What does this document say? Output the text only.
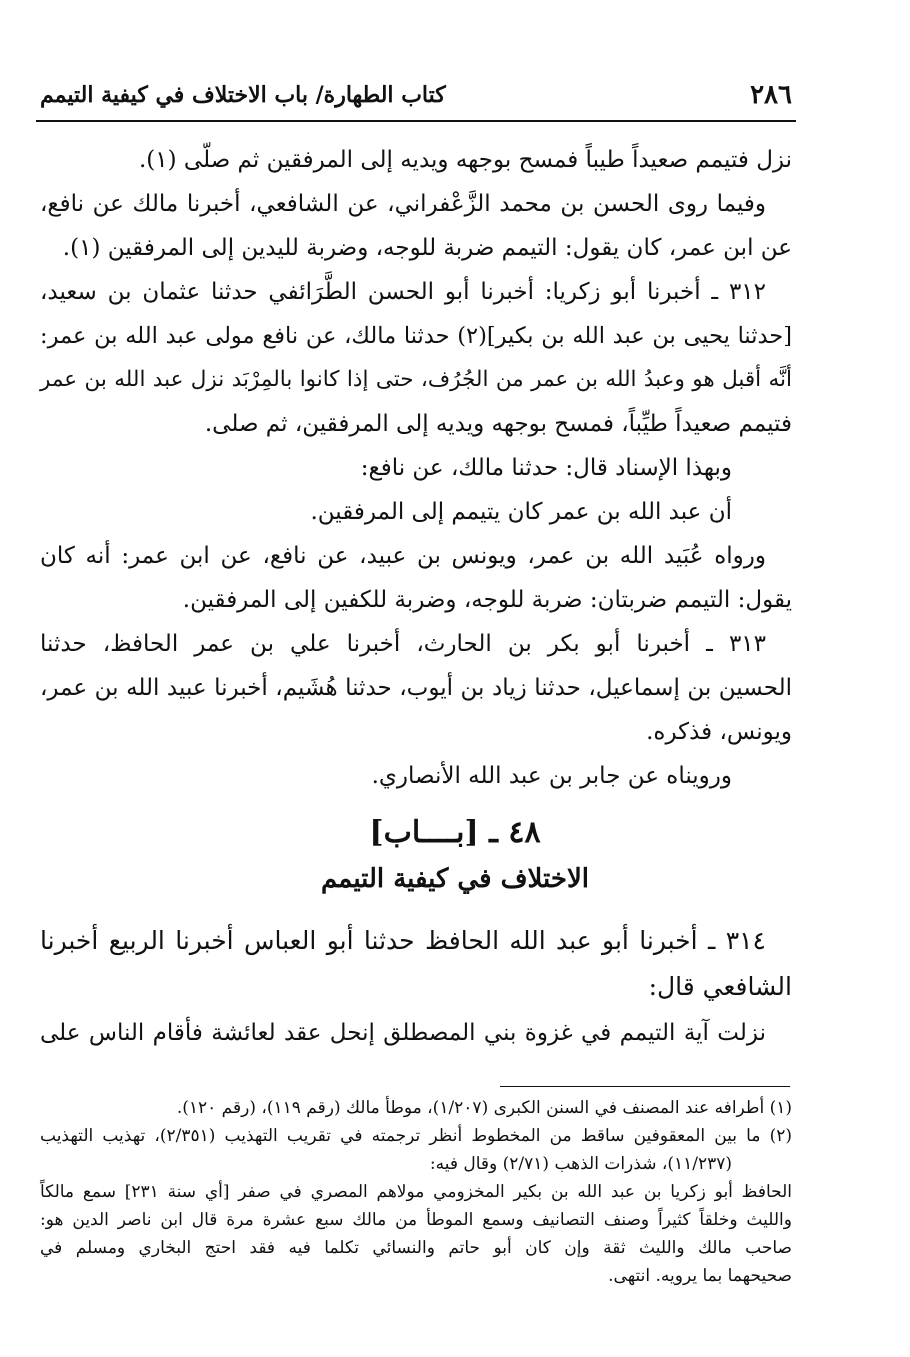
٢٨٦
كتاب الطهارة/ باب الاختلاف في كيفية التيمم
نزل فتيمم صعيداً طيباً فمسح بوجهه ويديه إلى المرفقين ثم صلّى (١).
وفيما روى الحسن بن محمد الزَّعْفراني، عن الشافعي، أخبرنا مالك عن نافع،
عن ابن عمر، كان يقول: التيمم ضربة للوجه، وضربة لليدين إلى المرفقين (١).
٣١٢ ـ أخبرنا أبو زكريا: أخبرنا أبو الحسن الطَّرَائفي حدثنا عثمان بن سعيد،
[حدثنا يحيى بن عبد الله بن بكير](٢) حدثنا مالك، عن نافع مولى عبد الله بن عمر:
أنَّه أقبل هو وعبدُ الله بن عمر من الجُرُف، حتى إذا كانوا بالمِرْبَد نزل عبد الله بن عمر
فتيمم صعيداً طيِّباً، فمسح بوجهه ويديه إلى المرفقين، ثم صلى.
وبهذا الإسناد قال: حدثنا مالك، عن نافع:
أن عبد الله بن عمر كان يتيمم إلى المرفقين.
ورواه عُبَيد الله بن عمر، ويونس بن عبيد، عن نافع، عن ابن عمر: أنه كان
يقول: التيمم ضربتان: ضربة للوجه، وضربة للكفين إلى المرفقين.
٣١٣ ـ أخبرنا أبو بكر بن الحارث، أخبرنا علي بن عمر الحافظ، حدثنا
الحسين بن إسماعيل، حدثنا زياد بن أيوب، حدثنا هُشَيم، أخبرنا عبيد الله بن عمر،
ويونس، فذكره.
ورويناه عن جابر بن عبد الله الأنصاري.
٤٨ ـ [بــــاب]
الاختلاف في كيفية التيمم
٣١٤ ـ أخبرنا أبو عبد الله الحافظ حدثنا أبو العباس أخبرنا الربيع أخبرنا
الشافعي قال:
نزلت آية التيمم في غزوة بني المصطلق إنحل عقد لعائشة فأقام الناس على
(١) أطرافه عند المصنف في السنن الكبرى (١/٢٠٧)، موطأ مالك (رقم ١١٩)، (رقم ١٢٠).
(٢) ما بين المعقوفين ساقط من المخطوط أنظر ترجمته في تقريب التهذيب (٢/٣٥١)، تهذيب التهذيب
(١١/٢٣٧)، شذرات الذهب (٢/٧١) وقال فيه:
الحافظ أبو زكريا بن عبد الله بن بكير المخزومي مولاهم المصري في صفر [أي سنة ٢٣١] سمع مالكاً
والليث وخلقاً كثيراً وصنف التصانيف وسمع الموطأ من مالك سبع عشرة مرة قال ابن ناصر الدين هو:
صاحب مالك والليث ثقة وإن كان أبو حاتم والنسائي تكلما فيه فقد احتج البخاري ومسلم في
صحيحهما بما يرويه. انتهى.
